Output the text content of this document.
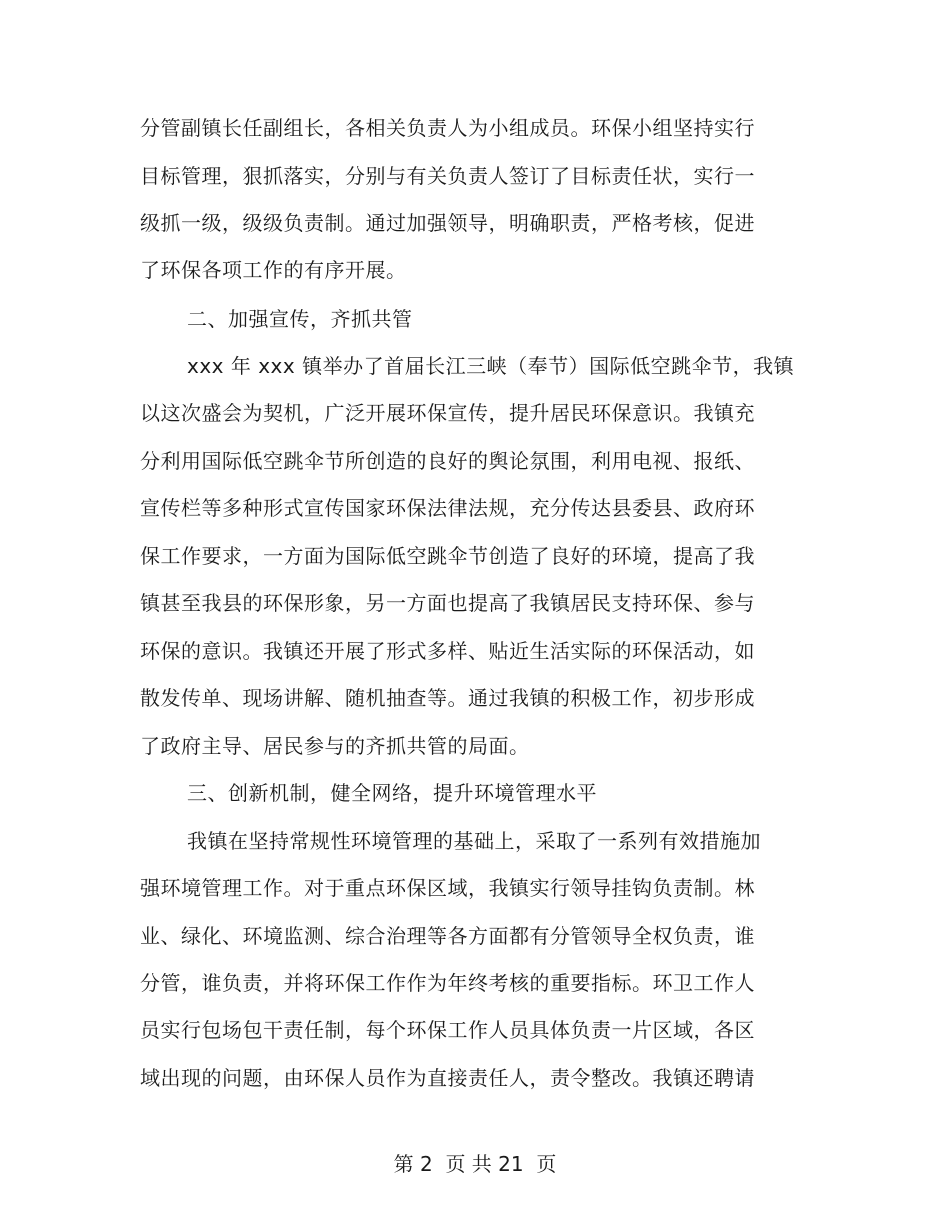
分管副镇长任副组长，各相关负责人为小组成员。环保小组坚持实行
目标管理，狠抓落实，分别与有关负责人签订了目标责任状，实行一
级抓一级，级级负责制。通过加强领导，明确职责，严格考核，促进
了环保各项工作的有序开展。
二、加强宣传，齐抓共管
xxx 年 xxx 镇举办了首届长江三峡（奉节）国际低空跳伞节，我镇
以这次盛会为契机，广泛开展环保宣传，提升居民环保意识。我镇充
分利用国际低空跳伞节所创造的良好的舆论氛围，利用电视、报纸、
宣传栏等多种形式宣传国家环保法律法规，充分传达县委县、政府环
保工作要求，一方面为国际低空跳伞节创造了良好的环境，提高了我
镇甚至我县的环保形象，另一方面也提高了我镇居民支持环保、参与
环保的意识。我镇还开展了形式多样、贴近生活实际的环保活动，如
散发传单、现场讲解、随机抽查等。通过我镇的积极工作，初步形成
了政府主导、居民参与的齐抓共管的局面。
三、创新机制，健全网络，提升环境管理水平
我镇在坚持常规性环境管理的基础上，采取了一系列有效措施加
强环境管理工作。对于重点环保区域，我镇实行领导挂钩负责制。林
业、绿化、环境监测、综合治理等各方面都有分管领导全权负责，谁
分管，谁负责，并将环保工作作为年终考核的重要指标。环卫工作人
员实行包场包干责任制，每个环保工作人员具体负责一片区域，各区
域出现的问题，由环保人员作为直接责任人，责令整改。我镇还聘请
第 2  页 共 21  页
